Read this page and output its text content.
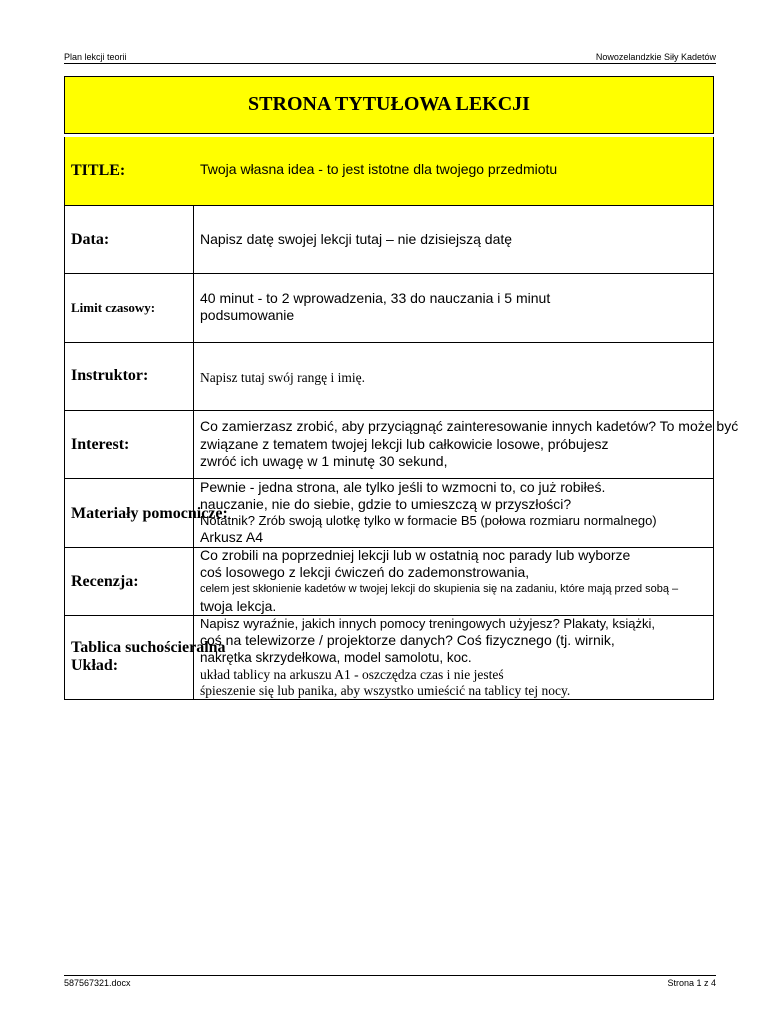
Plan lekcji teorii	Nowozelandzkie Siły Kadetów
STRONA TYTUŁOWA LEKCJI
TITLE:	Twoja własna idea - to jest istotne dla twojego przedmiotu
Data:	Napisz datę swojej lekcji tutaj – nie dzisiejszą datę
Limit czasowy:
40 minut - to 2 wprowadzenia, 33 do nauczania i 5 minut
podsumowanie
Instruktor:	Napisz tutaj swój rangę i imię.
Interest:
Co zamierzasz zrobić, aby przyciągnąć zainteresowanie innych kadetów? To może być
związane z tematem twojej lekcji lub całkowicie losowe, próbujesz
zwróć ich uwagę w 1 minutę 30 sekund,
Materiały pomocnicze:
Pewnie - jedna strona, ale tylko jeśli to wzmocni to, co już robiłeś.
nauczanie, nie do siebie, gdzie to umieszczą w przyszłości?
Notatnik? Zrób swoją ulotkę tylko w formacie B5 (połowa rozmiaru normalnego)
Arkusz A4
Recenzja:
Co zrobili na poprzedniej lekcji lub w ostatnią noc parady lub wyborze
coś losowego z lekcji ćwiczeń do zademonstrowania,
celem jest skłonienie kadetów w twojej lekcji do skupienia się na zadaniu, które mają przed sobą –
twoja lekcja.
Tablica suchościeralna
Układ:
Napisz wyraźnie, jakich innych pomocy treningowych użyjesz? Plakaty, książki,
coś na telewizorze / projektorze danych? Coś fizycznego (tj. wirnik,
nakrętka skrzydełkowa, model samolotu, koc.
układ tablicy na arkuszu A1 - oszczędza czas i nie jesteś
śpieszenie się lub panika, aby wszystko umieścić na tablicy tej nocy.
587567321.docx	Strona 1 z 4
